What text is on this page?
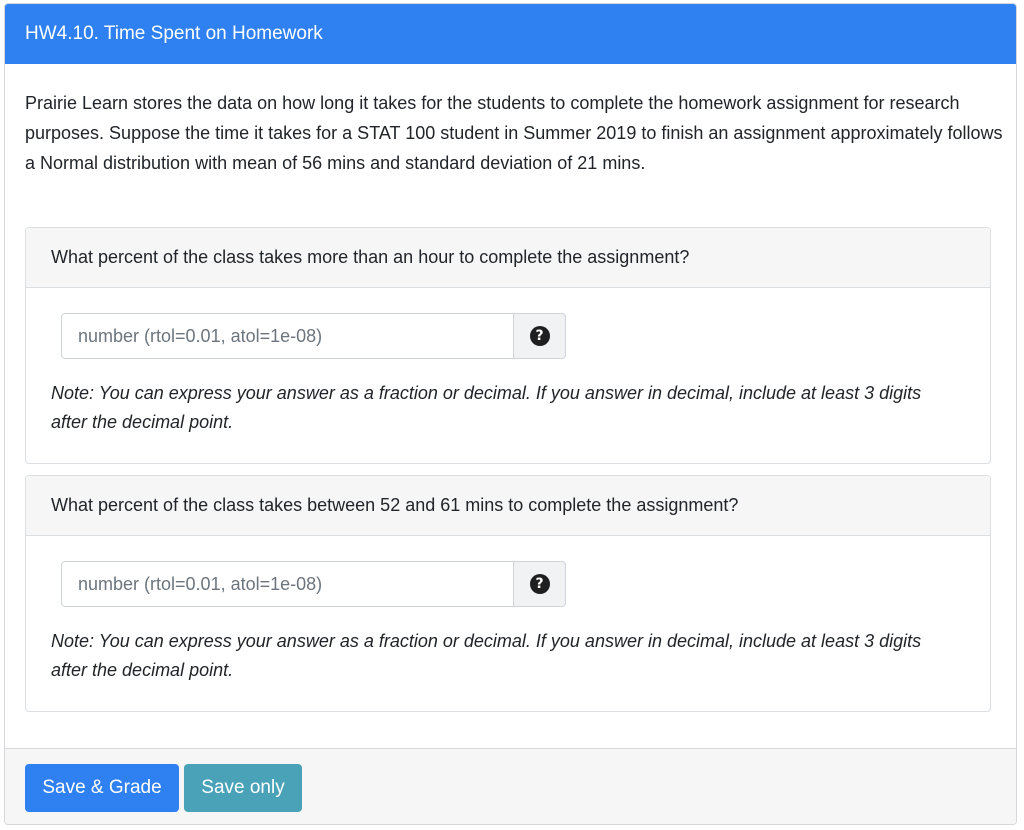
HW4.10. Time Spent on Homework

Prairie Learn stores the data on how long it takes for the students to complete the homework assignment for research purposes. Suppose the time it takes for a STAT 100 student in Summer 2019 to finish an assignment approximately follows a Normal distribution with mean of 56 mins and standard deviation of 21 mins.

What percent of the class takes more than an hour to complete the assignment?
number (rtol=0.01, atol=1e-08)
?

Note: You can express your answer as a fraction or decimal. If you answer in decimal, include at least 3 digits after the decimal point.

What percent of the class takes between 52 and 61 mins to complete the assignment?
number (rtol=0.01, atol=1e-08)
?

Note: You can express your answer as a fraction or decimal. If you answer in decimal, include at least 3 digits after the decimal point.

Save & Grade	Save only
